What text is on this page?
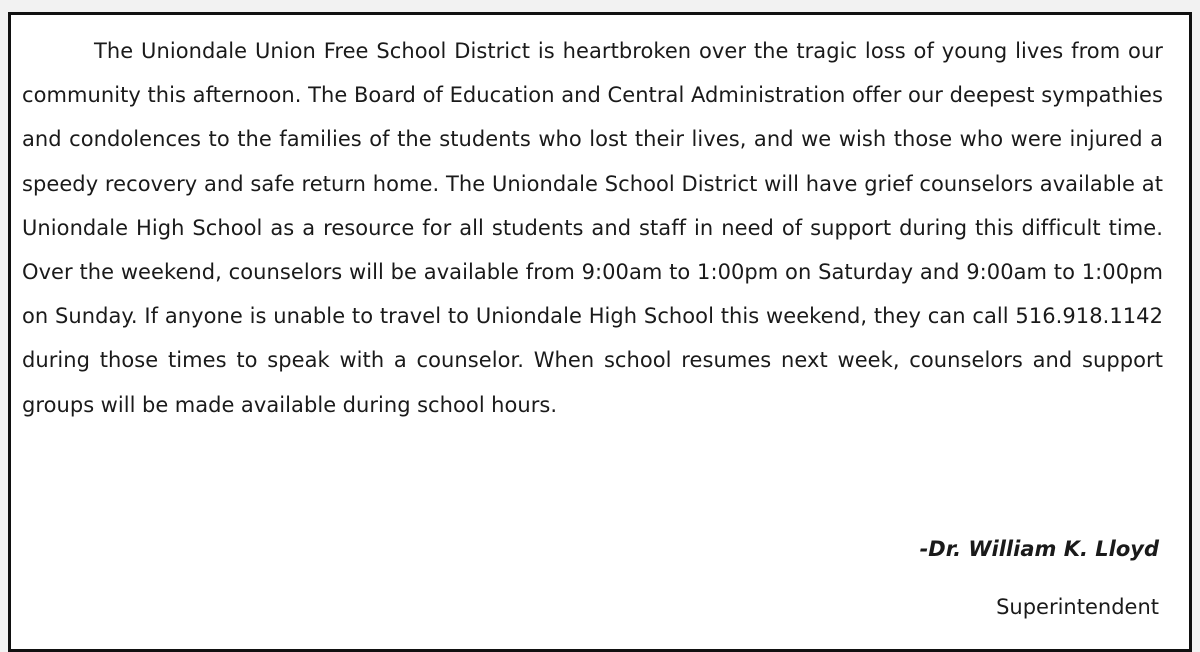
The Uniondale Union Free School District is heartbroken over the tragic loss of young lives from our community this afternoon. The Board of Education and Central Administration offer our deepest sympathies and condolences to the families of the students who lost their lives, and we wish those who were injured a speedy recovery and safe return home. The Uniondale School District will have grief counselors available at Uniondale High School as a resource for all students and staff in need of support during this difficult time. Over the weekend, counselors will be available from 9:00am to 1:00pm on Saturday and 9:00am to 1:00pm on Sunday. If anyone is unable to travel to Uniondale High School this weekend, they can call 516.918.1142 during those times to speak with a counselor. When school resumes next week, counselors and support groups will be made available during school hours.

-Dr. William K. Lloyd

Superintendent
